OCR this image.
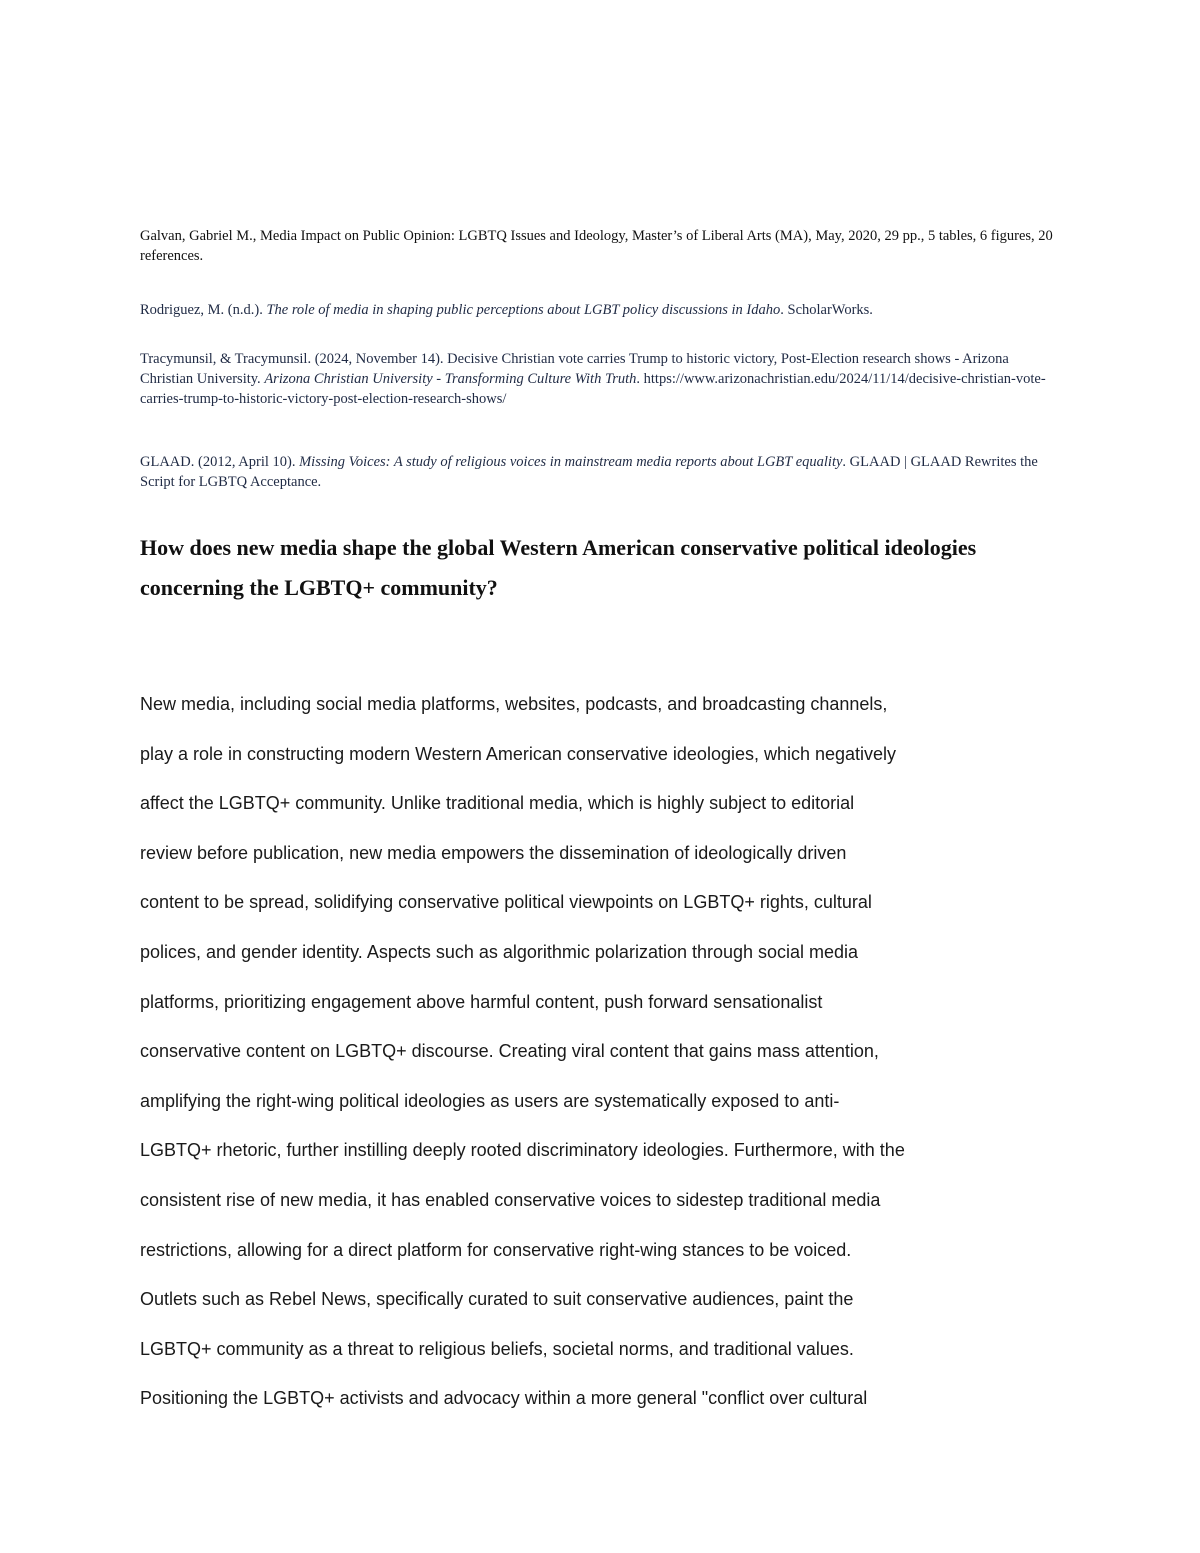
Galvan, Gabriel M., Media Impact on Public Opinion: LGBTQ Issues and Ideology, Master’s of Liberal Arts (MA), May, 2020, 29 pp., 5 tables, 6 figures, 20 references.

Rodriguez, M. (n.d.). The role of media in shaping public perceptions about LGBT policy discussions in Idaho. ScholarWorks.

Tracymunsil, & Tracymunsil. (2024, November 14). Decisive Christian vote carries Trump to historic victory, Post-Election research shows - Arizona Christian University. Arizona Christian University - Transforming Culture With Truth. https://www.arizonachristian.edu/2024/11/14/decisive-christian-vote-carries-trump-to-historic-victory-post-election-research-shows/

GLAAD. (2012, April 10). Missing Voices: A study of religious voices in mainstream media reports about LGBT equality. GLAAD | GLAAD Rewrites the Script for LGBTQ Acceptance.

How does new media shape the global Western American conservative political ideologies concerning the LGBTQ+ community?

New media, including social media platforms, websites, podcasts, and broadcasting channels,
play a role in constructing modern Western American conservative ideologies, which negatively
affect the LGBTQ+ community. Unlike traditional media, which is highly subject to editorial
review before publication, new media empowers the dissemination of ideologically driven
content to be spread, solidifying conservative political viewpoints on LGBTQ+ rights, cultural
polices, and gender identity. Aspects such as algorithmic polarization through social media
platforms, prioritizing engagement above harmful content, push forward sensationalist
conservative content on LGBTQ+ discourse. Creating viral content that gains mass attention,
amplifying the right-wing political ideologies as users are systematically exposed to anti-
LGBTQ+ rhetoric, further instilling deeply rooted discriminatory ideologies. Furthermore, with the
consistent rise of new media, it has enabled conservative voices to sidestep traditional media
restrictions, allowing for a direct platform for conservative right-wing stances to be voiced.
Outlets such as Rebel News, specifically curated to suit conservative audiences, paint the
LGBTQ+ community as a threat to religious beliefs, societal norms, and traditional values.
Positioning the LGBTQ+ activists and advocacy within a more general "conflict over cultural
